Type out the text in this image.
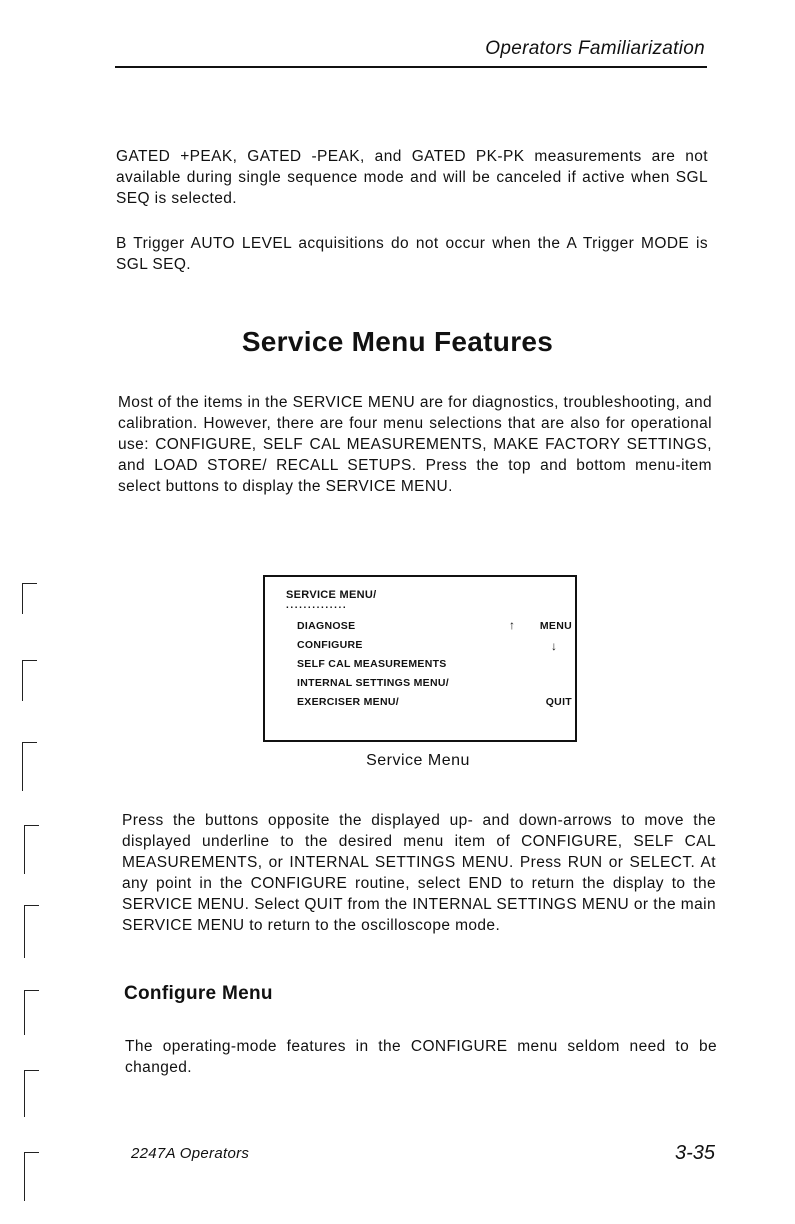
Operators Familiarization
GATED +PEAK, GATED -PEAK, and GATED PK-PK measurements are not available during single sequence mode and will be canceled if active when SGL SEQ is selected.
B Trigger AUTO LEVEL acquisitions do not occur when the A Trigger MODE is SGL SEQ.
Service Menu Features
Most of the items in the SERVICE MENU are for diagnostics, troubleshooting, and calibration. However, there are four menu selections that are also for operational use: CONFIGURE, SELF CAL MEASUREMENTS, MAKE FACTORY SETTINGS, and LOAD STORE/ RECALL SETUPS. Press the top and bottom menu-item select buttons to display the SERVICE MENU.
SERVICE MENU/
..............
DIAGNOSE
CONFIGURE
SELF CAL MEASUREMENTS
INTERNAL SETTINGS MENU/
EXERCISER MENU/
↑
↓
MENU
QUIT
Service Menu
Press the buttons opposite the displayed up- and down-arrows to move the displayed underline to the desired menu item of CONFIGURE, SELF CAL MEASUREMENTS, or INTERNAL SETTINGS MENU. Press RUN or SELECT. At any point in the CONFIGURE routine, select END to return the display to the SERVICE MENU. Select QUIT from the INTERNAL SETTINGS MENU or the main SERVICE MENU to return to the oscilloscope mode.
Configure Menu
The operating-mode features in the CONFIGURE menu seldom need to be changed.
2247A Operators	3-35
